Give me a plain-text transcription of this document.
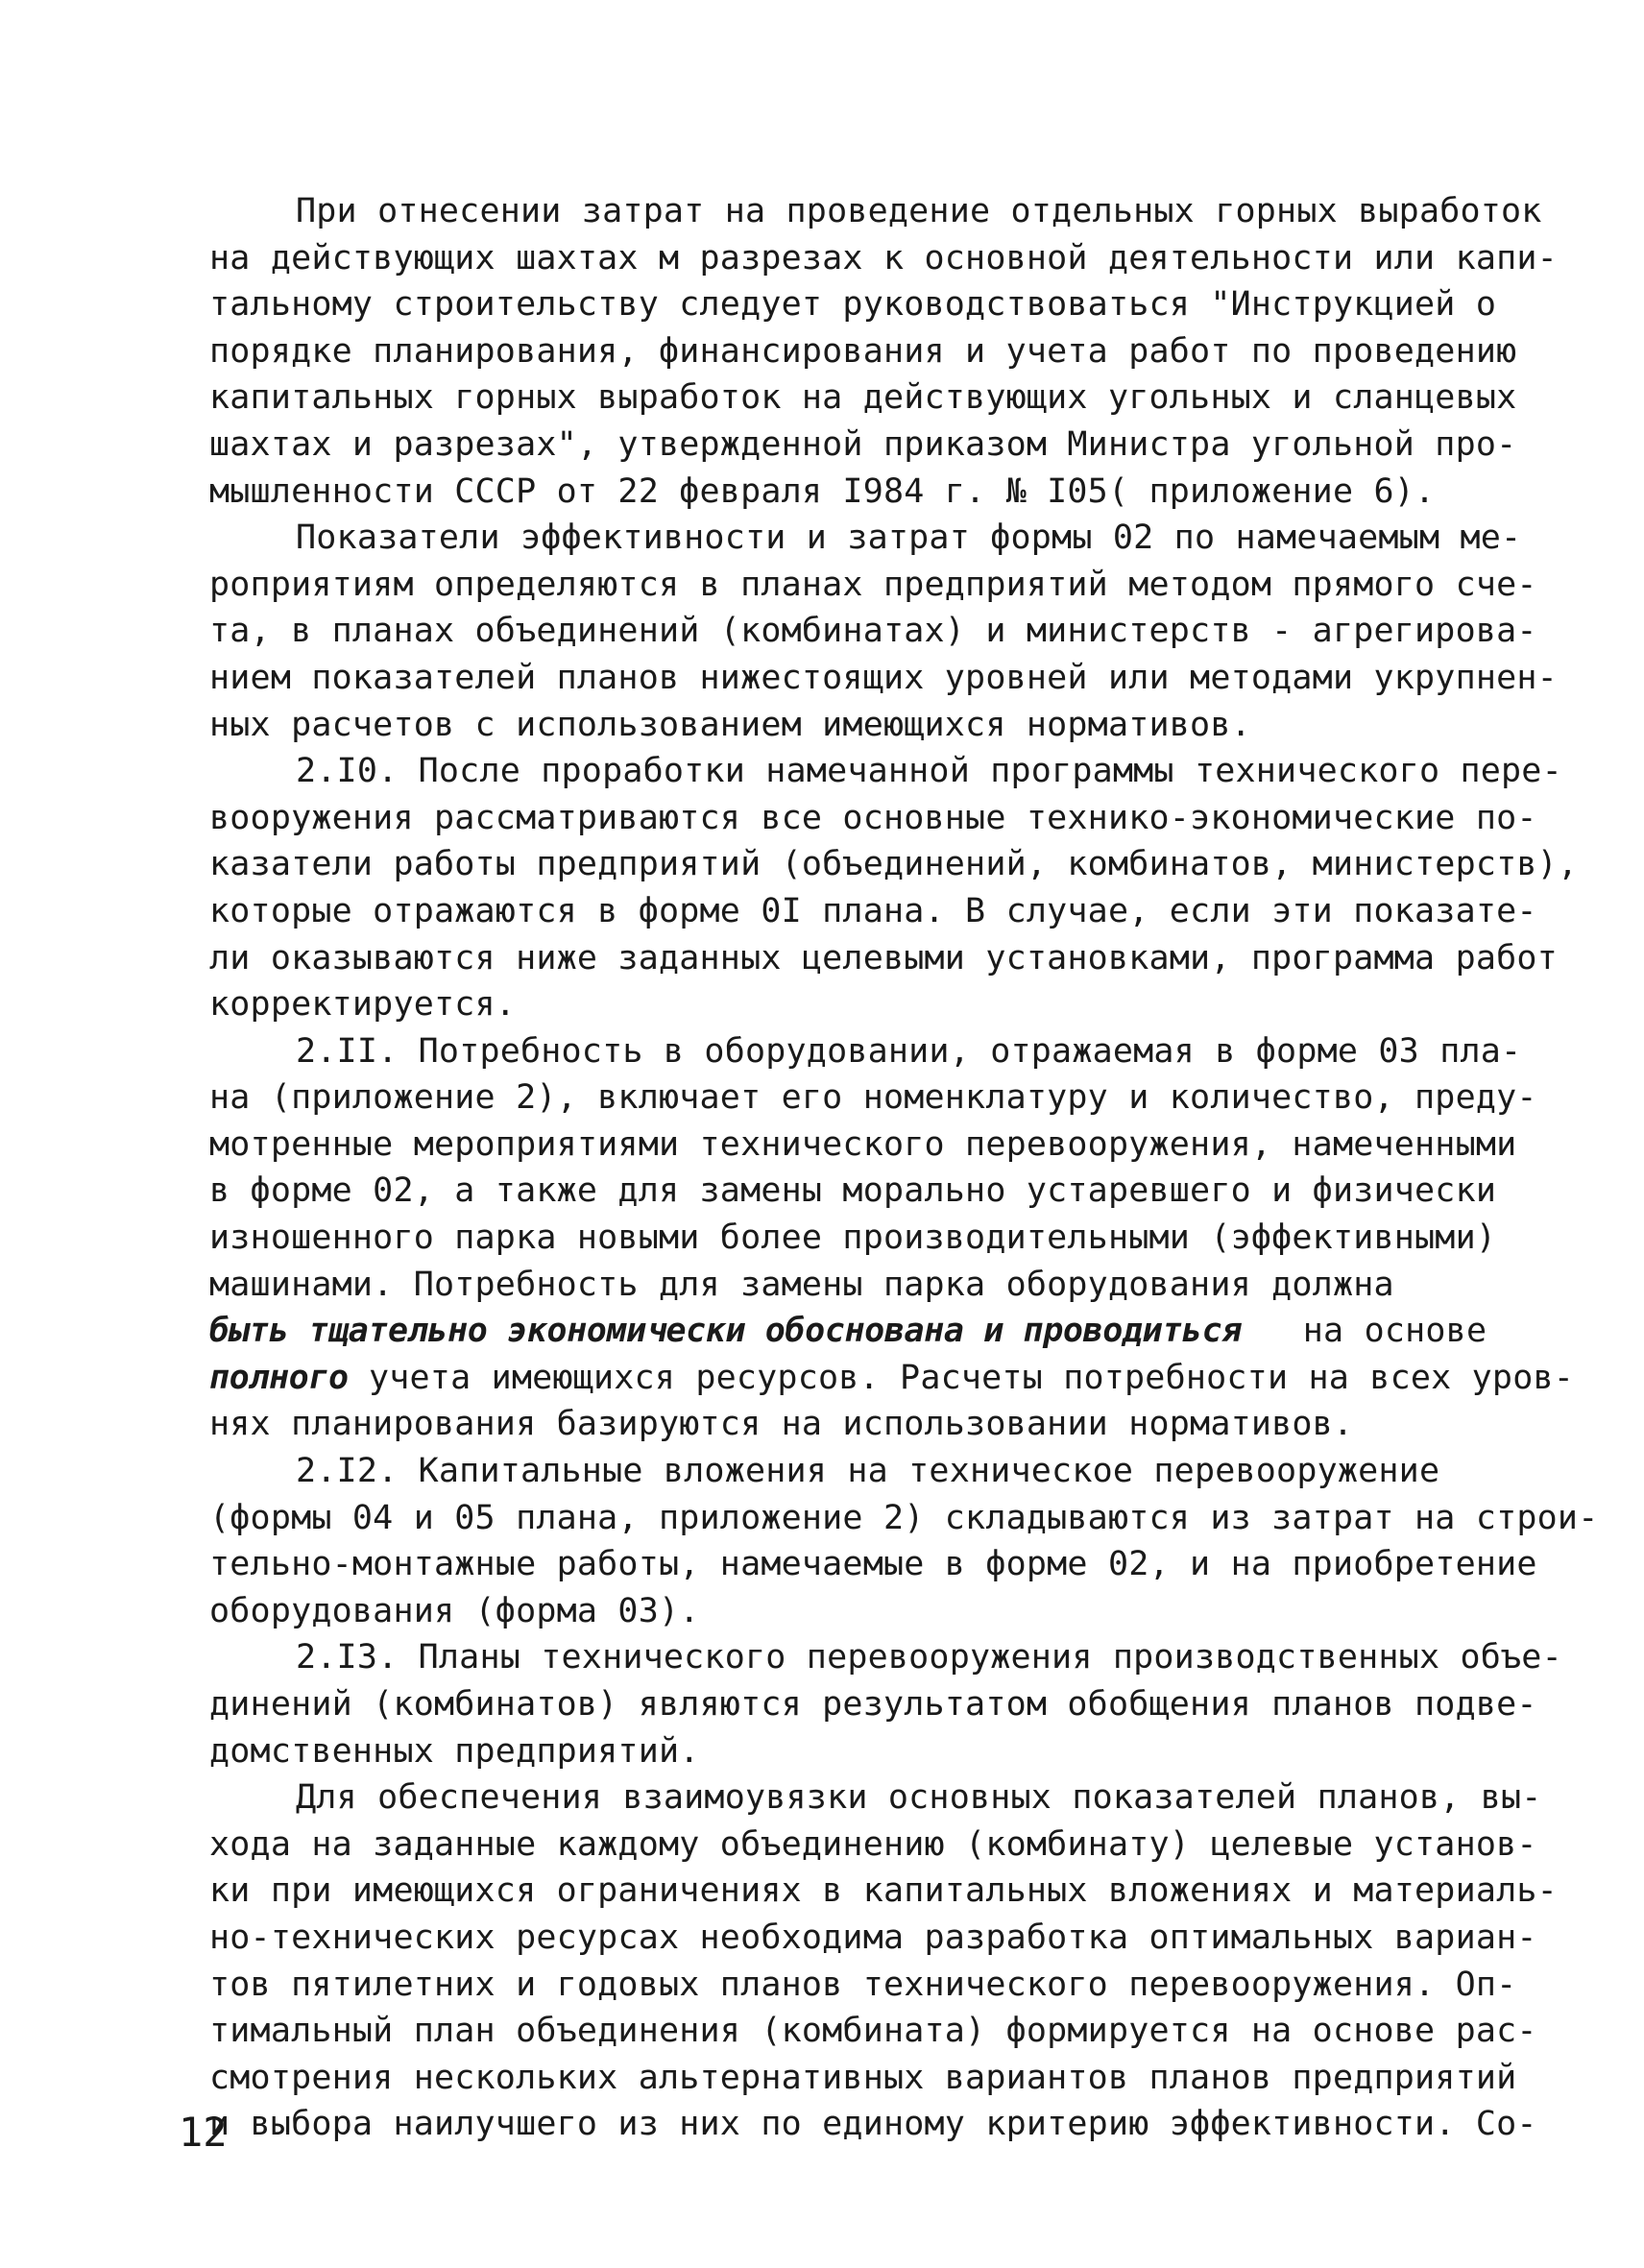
При отнесении затрат на проведение отдельных горных выработок
на действующих шахтах м разрезах к основной деятельности или капи-
тальному строительству следует руководствоваться "Инструкцией о
порядке планирования, финансирования и учета работ по проведению
капитальных горных выработок на действующих угольных и сланцевых
шахтах и разрезах", утвержденной приказом Министра угольной про-
мышленности СССР от 22 февраля I984 г. № I05( приложение 6).
Показатели эффективности и затрат формы 02 по намечаемым ме-
роприятиям определяются в планах предприятий методом прямого сче-
та, в планах объединений (комбинатах) и министерств - агрегирова-
нием показателей планов нижестоящих уровней или методами укрупнен-
ных расчетов с использованием имеющихся нормативов.
2.I0. После проработки намечанной программы технического пере-
вооружения рассматриваются все основные технико-экономические по-
казатели работы предприятий (объединений, комбинатов, министерств),
которые отражаются в форме 0I плана. В случае, если эти показате-
ли оказываются ниже заданных целевыми установками, программа работ
корректируется.
2.II. Потребность в оборудовании, отражаемая в форме 03 пла-
на (приложение 2), включает его номенклатуру и количество, преду-
мотренные мероприятиями технического перевооружения, намеченными
в форме 02, а также для замены морально устаревшего и физически
изношенного парка новыми более производительными (эффективными)
машинами. Потребность для замены парка оборудования должна
быть тщательно экономически обоснована и проводиться на основе
полного учета имеющихся ресурсов. Расчеты потребности на всех уров-
нях планирования базируются на использовании нормативов.
2.I2. Капитальные вложения на техническое перевооружение
(формы 04 и 05 плана, приложение 2) складываются из затрат на строи-
тельно-монтажные работы, намечаемые в форме 02, и на приобретение
оборудования (форма 03).
2.I3. Планы технического перевооружения производственных объе-
динений (комбинатов) являются результатом обобщения планов подве-
домственных предприятий.
Для обеспечения взаимоувязки основных показателей планов, вы-
хода на заданные каждому объединению (комбинату) целевые установ-
ки при имеющихся ограничениях в капитальных вложениях и материаль-
но-технических ресурсах необходима разработка оптимальных вариан-
тов пятилетних и годовых планов технического перевооружения. Оп-
тимальный план объединения (комбината) формируется на основе рас-
смотрения нескольких альтернативных вариантов планов предприятий
и выбора наилучшего из них по единому критерию эффективности. Со-
12
